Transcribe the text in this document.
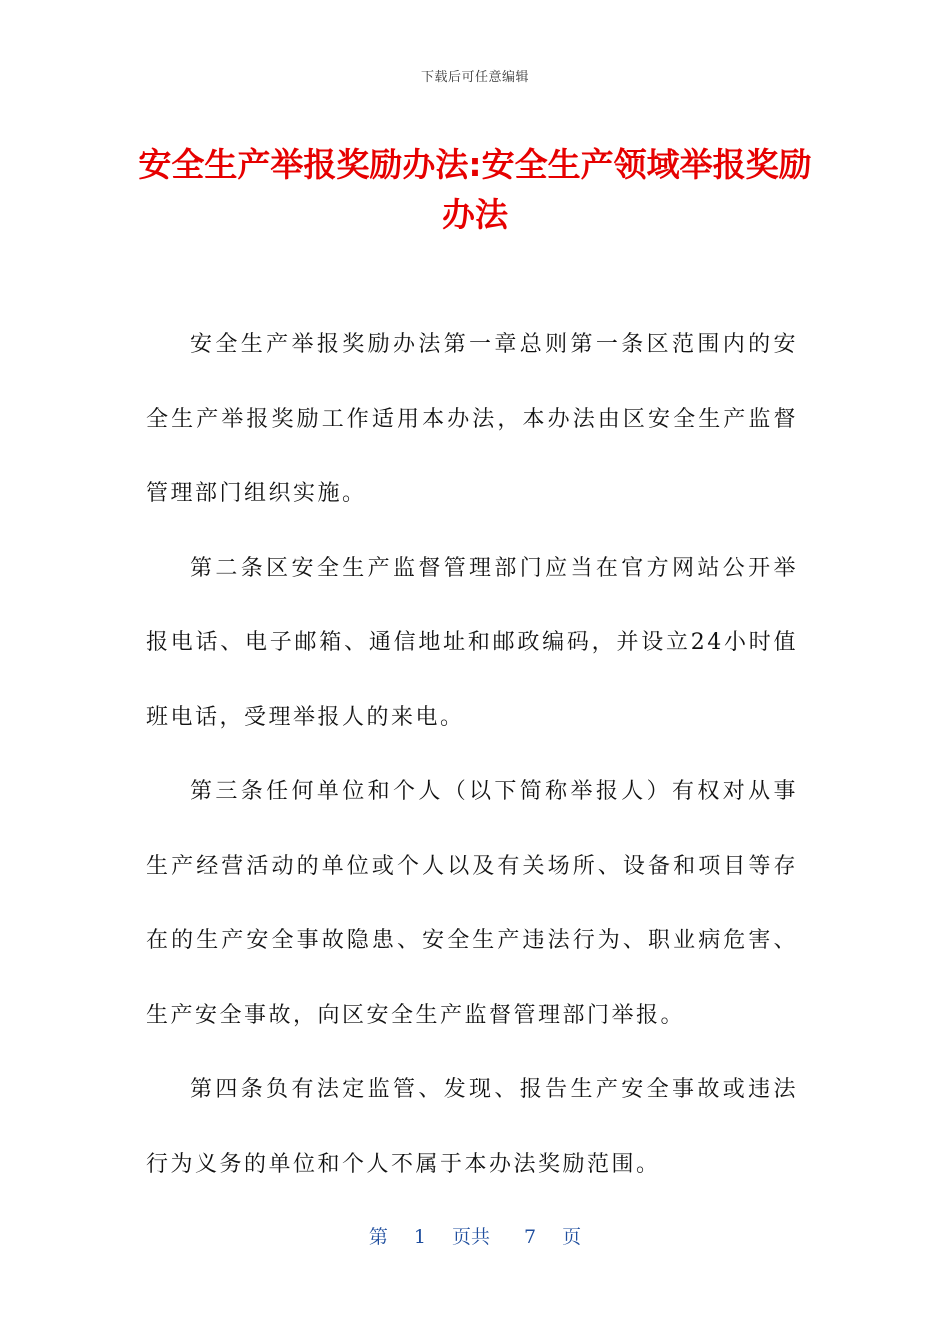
下载后可任意编辑
安全生产举报奖励办法:安全生产领域举报奖励办法

安全生产举报奖励办法第一章总则第一条区范围内的安全生产举报奖励工作适用本办法，本办法由区安全生产监督管理部门组织实施。

第二条区安全生产监督管理部门应当在官方网站公开举报电话、电子邮箱、通信地址和邮政编码，并设立24小时值班电话，受理举报人的来电。

第三条任何单位和个人（以下简称举报人）有权对从事生产经营活动的单位或个人以及有关场所、设备和项目等存在的生产安全事故隐患、安全生产违法行为、职业病危害、生产安全事故，向区安全生产监督管理部门举报。

第四条负有法定监管、发现、报告生产安全事故或违法行为义务的单位和个人不属于本办法奖励范围。

第 1 页共 7 页
